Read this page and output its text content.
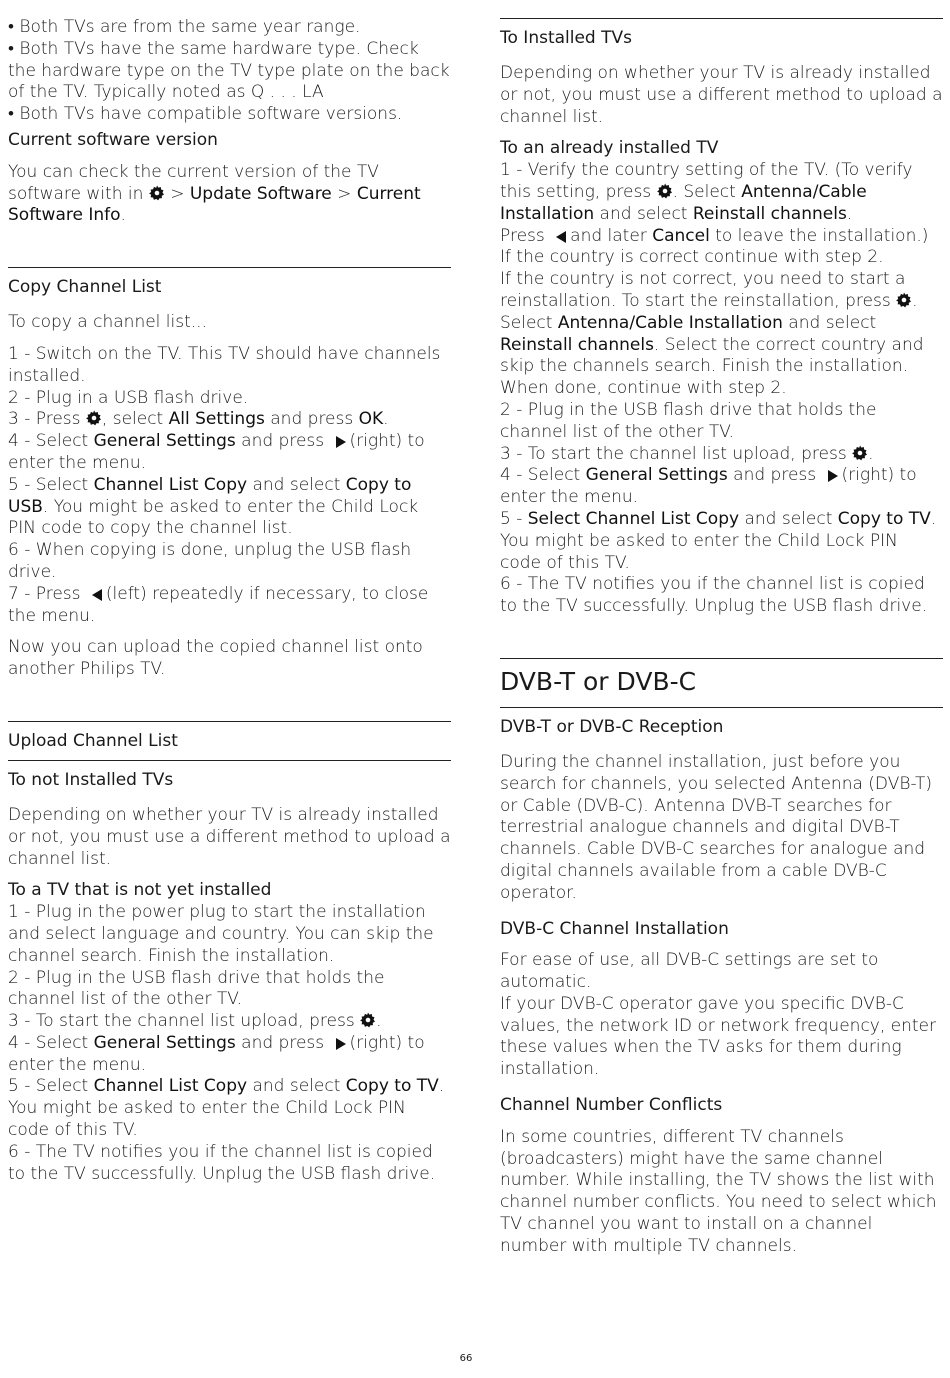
• Both TVs are from the same year range.

• Both TVs have the same hardware type. Check the hardware type on the TV type plate on the back of the TV. Typically noted as Q . . . LA

• Both TVs have compatible software versions.

Current software version

You can check the current version of the TV software with in  > Update Software > Current Software Info.

Copy Channel List

To copy a channel list...

1 - Switch on the TV. This TV should have channels installed.

2 - Plug in a USB flash drive.

3 - Press , select All Settings and press OK.

4 - Select General Settings and press (right) to enter the menu.

5 - Select Channel List Copy and select Copy to USB. You might be asked to enter the Child Lock PIN code to copy the channel list.

6 - When copying is done, unplug the USB flash drive.

7 - Press (left) repeatedly if necessary, to close the menu.

Now you can upload the copied channel list onto another Philips TV.

Upload Channel List

To not Installed TVs

Depending on whether your TV is already installed or not, you must use a different method to upload a channel list.

To a TV that is not yet installed

1 - Plug in the power plug to start the installation and select language and country. You can skip the channel search. Finish the installation.

2 - Plug in the USB flash drive that holds the channel list of the other TV.

3 - To start the channel list upload, press .

4 - Select General Settings and press (right) to enter the menu.

5 - Select Channel List Copy and select Copy to TV. You might be asked to enter the Child Lock PIN code of this TV.

6 - The TV notifies you if the channel list is copied to the TV successfully. Unplug the USB flash drive.

To Installed TVs

Depending on whether your TV is already installed or not, you must use a different method to upload a channel list.

To an already installed TV

1 - Verify the country setting of the TV. (To verify this setting, press . Select Antenna/Cable Installation and select Reinstall channels.

Press and later Cancel to leave the installation.)

If the country is correct continue with step 2.

If the country is not correct, you need to start a reinstallation. To start the reinstallation, press . Select Antenna/Cable Installation and select Reinstall channels. Select the correct country and skip the channels search. Finish the installation. When done, continue with step 2.

2 - Plug in the USB flash drive that holds the channel list of the other TV.

3 - To start the channel list upload, press .

4 - Select General Settings and press (right) to enter the menu.

5 - Select Channel List Copy and select Copy to TV. You might be asked to enter the Child Lock PIN code of this TV.

6 - The TV notifies you if the channel list is copied to the TV successfully. Unplug the USB flash drive.

DVB-T or DVB-C

DVB-T or DVB-C Reception

During the channel installation, just before you search for channels, you selected Antenna (DVB-T) or Cable (DVB-C). Antenna DVB-T searches for terrestrial analogue channels and digital DVB-T channels. Cable DVB-C searches for analogue and digital channels available from a cable DVB-C operator.

DVB-C Channel Installation

For ease of use, all DVB-C settings are set to automatic.

If your DVB-C operator gave you specific DVB-C values, the network ID or network frequency, enter these values when the TV asks for them during installation.

Channel Number Conflicts

In some countries, different TV channels (broadcasters) might have the same channel number. While installing, the TV shows the list with channel number conflicts. You need to select which TV channel you want to install on a channel number with multiple TV channels.

66
